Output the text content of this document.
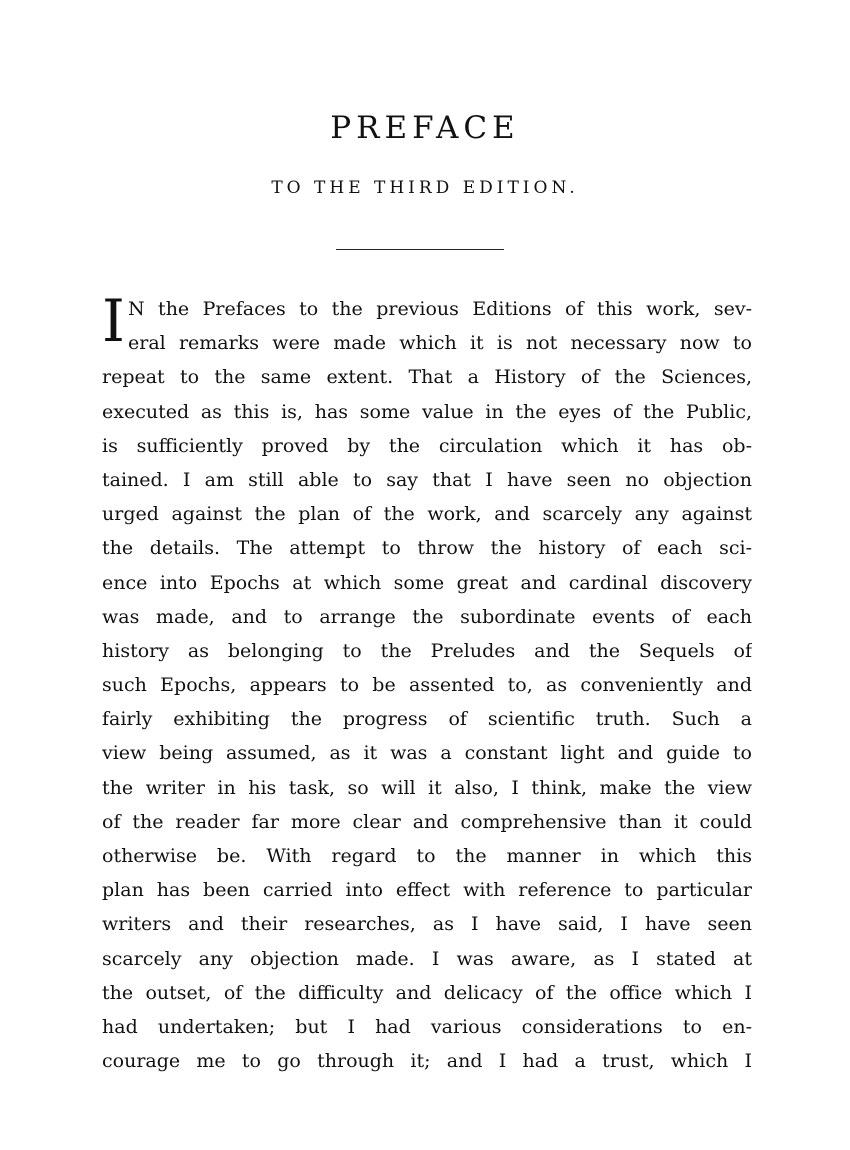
PREFACE
TO THE THIRD EDITION.
I N the Prefaces to the previous Editions of this work, sev-
eral remarks were made which it is not necessary now to
repeat to the same extent. That a History of the Sciences,
executed as this is, has some value in the eyes of the Public,
is sufficiently proved by the circulation which it has ob-
tained. I am still able to say that I have seen no objection
urged against the plan of the work, and scarcely any against
the details. The attempt to throw the history of each sci-
ence into Epochs at which some great and cardinal discovery
was made, and to arrange the subordinate events of each
history as belonging to the Preludes and the Sequels of
such Epochs, appears to be assented to, as conveniently and
fairly exhibiting the progress of scientific truth. Such a
view being assumed, as it was a constant light and guide to
the writer in his task, so will it also, I think, make the view
of the reader far more clear and comprehensive than it could
otherwise be. With regard to the manner in which this
plan has been carried into effect with reference to particular
writers and their researches, as I have said, I have seen
scarcely any objection made. I was aware, as I stated at
the outset, of the difficulty and delicacy of the office which I
had undertaken; but I had various considerations to en-
courage me to go through it; and I had a trust, which I
